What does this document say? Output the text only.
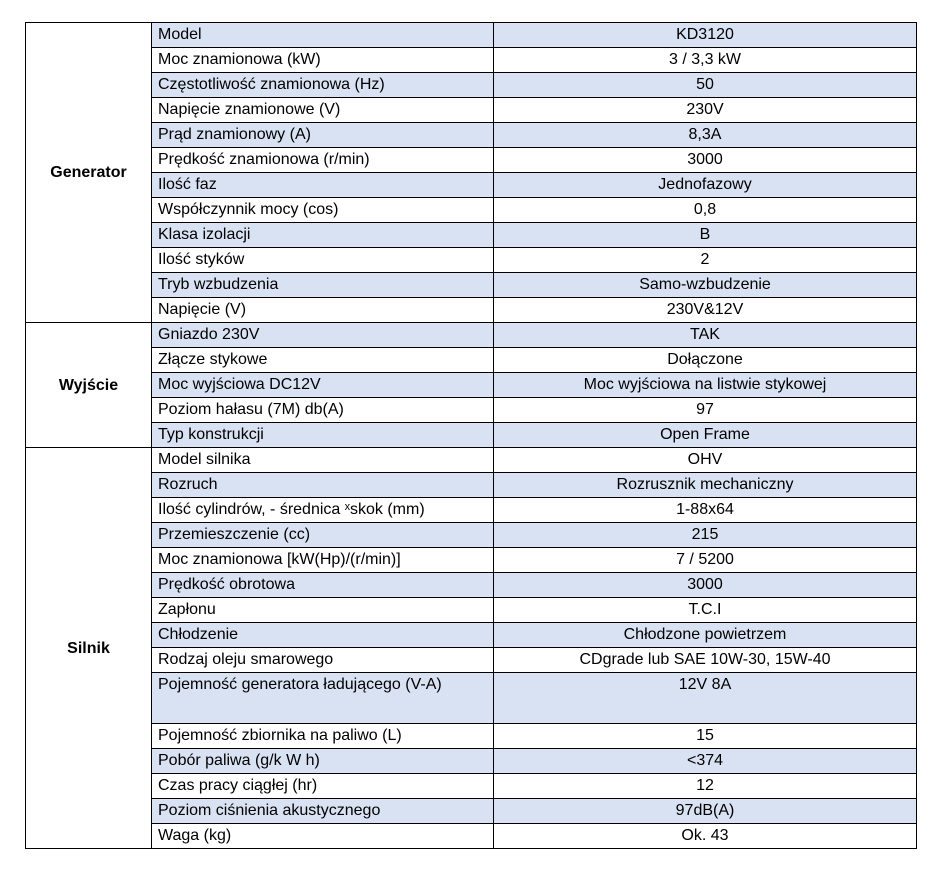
Generator	Model	KD3120
	Moc znamionowa (kW)	3 / 3,3 kW
	Częstotliwość znamionowa (Hz)	50
	Napięcie znamionowe (V)	230V
	Prąd znamionowy (A)	8,3A
	Prędkość znamionowa (r/min)	3000
	Ilość faz	Jednofazowy
	Współczynnik mocy (cos)	0,8
	Klasa izolacji	B
	Ilość styków	2
	Tryb wzbudzenia	Samo-wzbudzenie
	Napięcie (V)	230V&12V
Wyjście	Gniazdo 230V	TAK
	Złącze stykowe	Dołączone
	Moc wyjściowa DC12V	Moc wyjściowa na listwie stykowej
	Poziom hałasu (7M) db(A)	97
	Typ konstrukcji	Open Frame
Silnik	Model silnika	OHV
	Rozruch	Rozrusznik mechaniczny
	Ilość cylindrów, - średnica ˣskok (mm)	1-88x64
	Przemieszczenie (cc)	215
	Moc znamionowa [kW(Hp)/(r/min)]	7 / 5200
	Prędkość obrotowa	3000
	Zapłonu	T.C.I
	Chłodzenie	Chłodzone powietrzem
	Rodzaj oleju smarowego	CDgrade lub SAE 10W-30, 15W-40
	Pojemność generatora ładującego (V-A)	12V 8A
	Pojemność zbiornika na paliwo (L)	15
	Pobór paliwa (g/k W h)	<374
	Czas pracy ciągłej (hr)	12
	Poziom ciśnienia akustycznego	97dB(A)
	Waga (kg)	Ok. 43
